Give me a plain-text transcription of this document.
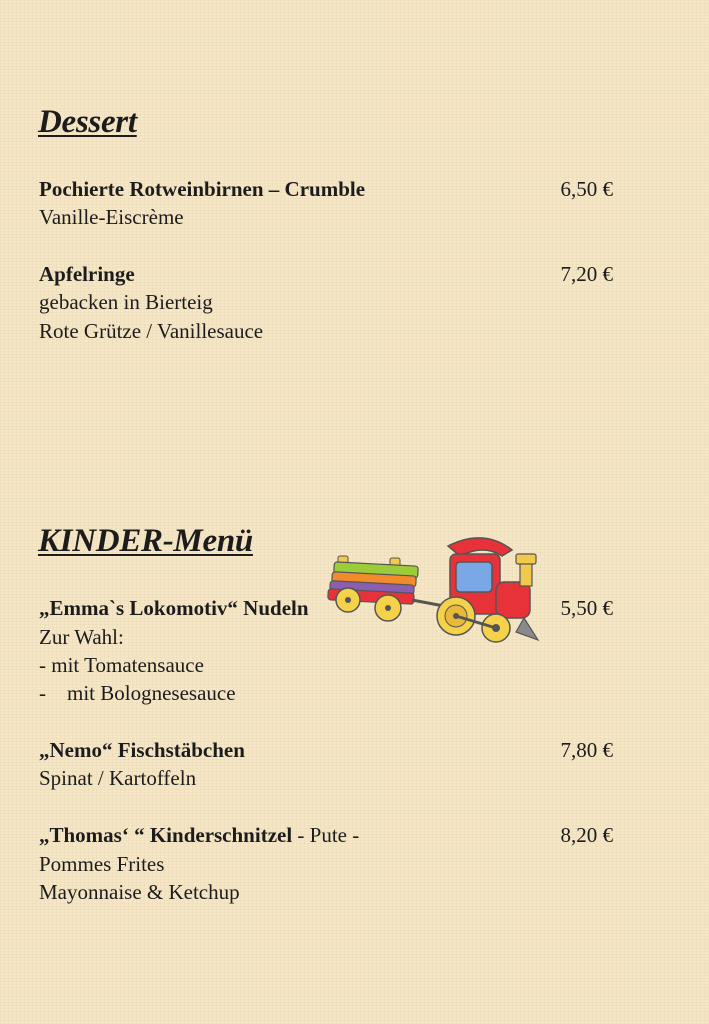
Dessert
Pochierte Rotweinbirnen – Crumble	6,50 €
Vanille-Eiscrème
Apfelringe	7,20 €
gebacken in Bierteig
Rote Grütze / Vanillesauce
KINDER-Menü
„Emma`s Lokomotiv“ Nudeln	5,50 €
Zur Wahl:
- mit Tomatensauce
-    mit Bolognesesauce
„Nemo“ Fischstäbchen	7,80 €
Spinat / Kartoffeln
„Thomas‘ “ Kinderschnitzel - Pute -	8,20 €
Pommes Frites
Mayonnaise & Ketchup
